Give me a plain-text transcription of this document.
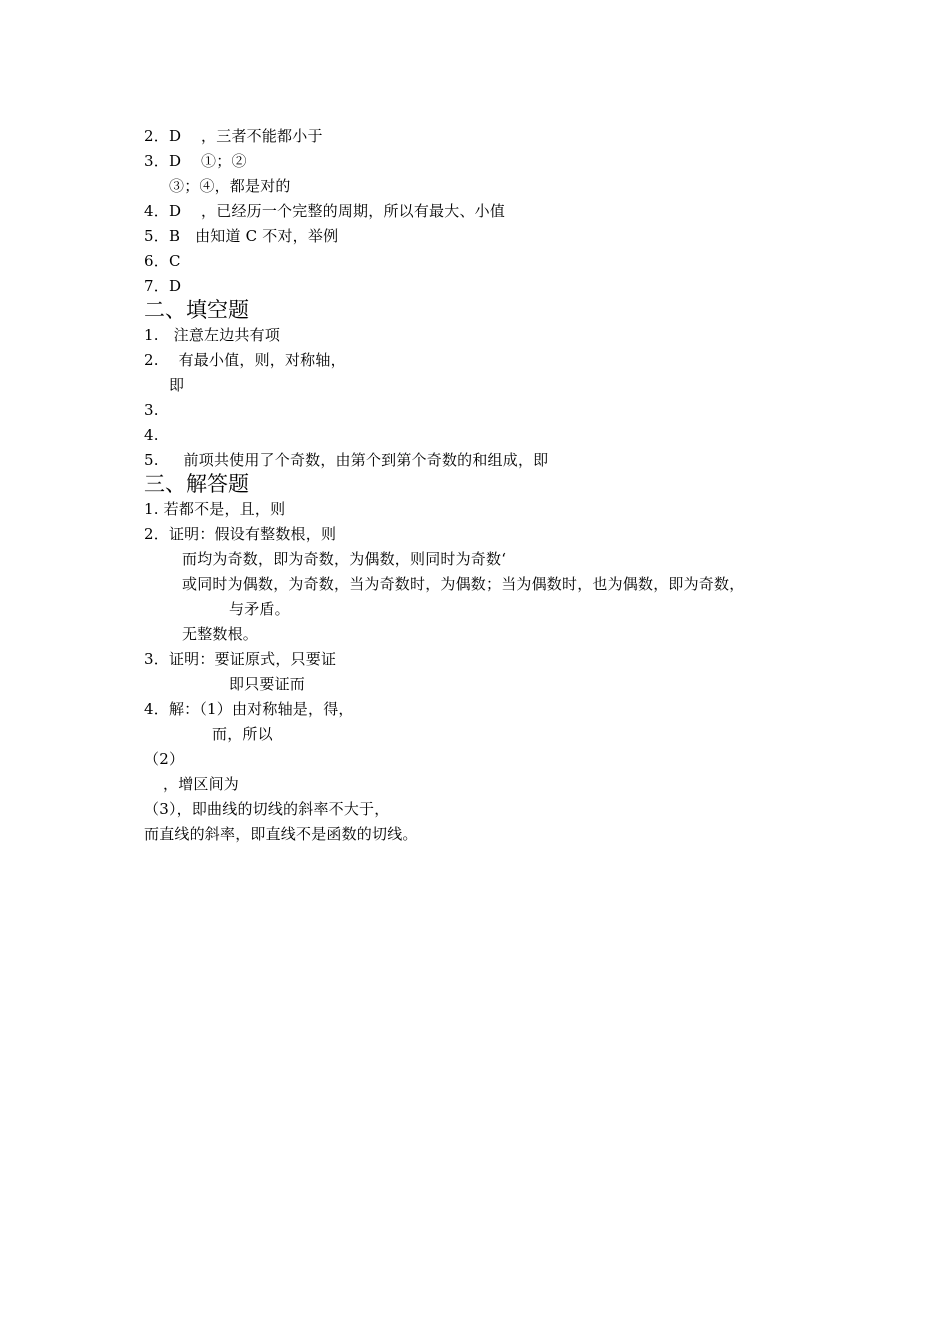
2．D    ，三者不能都小于
3．D    ①；②
③；④，都是对的
4．D    ，已经历一个完整的周期，所以有最大、小值
5．B   由知道 C 不对，举例
6．C
7．D
二、填空题
1.   注意左边共有项
2.    有最小值，则，对称轴，
即
3.
4.
5.     前项共使用了个奇数，由第个到第个奇数的和组成，即
三、解答题
1. 若都不是，且，则
2．证明：假设有整数根，则
而均为奇数，即为奇数，为偶数，则同时为奇数‘
或同时为偶数，为奇数，当为奇数时，为偶数；当为偶数时，也为偶数，即为奇数，
与矛盾。
无整数根。
3．证明：要证原式，只要证
即只要证而
4．解：（1）由对称轴是，得，
而，所以
（2）
，增区间为
（3），即曲线的切线的斜率不大于，
而直线的斜率，即直线不是函数的切线。
